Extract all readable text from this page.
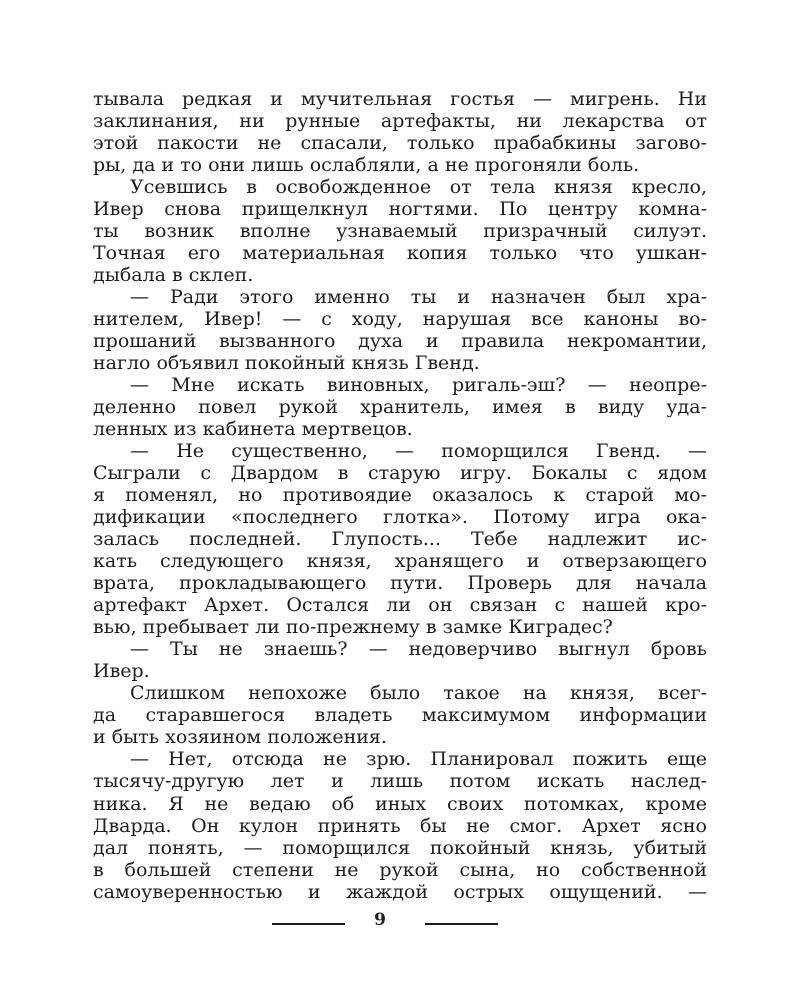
тывала редкая и мучительная гостья — мигрень. Ни
заклинания, ни рунные артефакты, ни лекарства от
этой пакости не спасали, только прабабкины загово-
ры, да и то они лишь ослабляли, а не прогоняли боль.
Усевшись в освобожденное от тела князя кресло,
Ивер снова прищелкнул ногтями. По центру комна-
ты возник вполне узнаваемый призрачный силуэт.
Точная его материальная копия только что ушкан-
дыбала в склеп.
— Ради этого именно ты и назначен был хра-
нителем, Ивер! — с ходу, нарушая все каноны во-
прошаний вызванного духа и правила некромантии,
нагло объявил покойный князь Гвенд.
— Мне искать виновных, ригаль-эш? — неопре-
деленно повел рукой хранитель, имея в виду уда-
ленных из кабинета мертвецов.
— Не существенно, — поморщился Гвенд. —
Сыграли с Двардом в старую игру. Бокалы с ядом
я поменял, но противоядие оказалось к старой мо-
дификации «последнего глотка». Потому игра ока-
залась последней. Глупость... Тебе надлежит ис-
кать следующего князя, хранящего и отверзающего
врата, прокладывающего пути. Проверь для начала
артефакт Архет. Остался ли он связан с нашей кро-
вью, пребывает ли по-прежнему в замке Киградес?
— Ты не знаешь? — недоверчиво выгнул бровь
Ивер.
Слишком непохоже было такое на князя, всег-
да старавшегося владеть максимумом информации
и быть хозяином положения.
— Нет, отсюда не зрю. Планировал пожить еще
тысячу-другую лет и лишь потом искать наслед-
ника. Я не ведаю об иных своих потомках, кроме
Дварда. Он кулон принять бы не смог. Архет ясно
дал понять, — поморщился покойный князь, убитый
в большей степени не рукой сына, но собственной
самоуверенностью и жаждой острых ощущений. —
9
